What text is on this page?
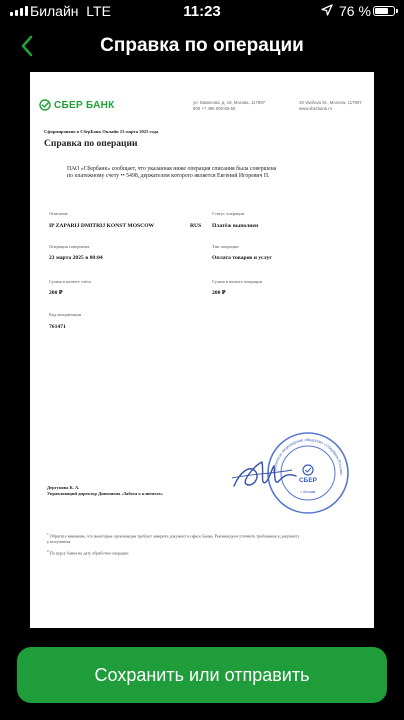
Билайн LTE	11:23	76 %
Справка по операции
СБЕР БАНК	ул. Вавилова, д. 19, Москва, 117997
900 +7 495 500-55-50
19 Vavilova St., Moscow, 117997
www.sberbank.ru
Сформировано в СберБанк Онлайн 23 марта 2025 года
Справка по операции
ПАО «Сбербанк» сообщает, что указанная ниже операция списания была совершена по платежному счету •• 5498, держателем которого является Евгений Игоревич П.
Описание
IP ZAPARIJ DMITRIJ KONST MOSCOW	RUS
Статус операции
Платёж выполнен
Операция совершена
23 марта 2025 в 00:04
Тип операции
Оплата товаров и услуг
Сумма в валюте счёта
200 ₽
Сумма в валюте операции
200 ₽
Код авторизации
761471
СБЕР
г. Москва
Публичное акционерное общество «Сбербанк России»
Дергунова К. А.
Управляющий директор Дивизиона «Забота о клиентах»
$^1$ Обратите внимание, что некоторые организации требуют заверить документ в офисе Банка. Рекомендуем уточнить требования к документу у получателя
$^2$ По курсу банка на дату обработки операции
Сохранить или отправить
